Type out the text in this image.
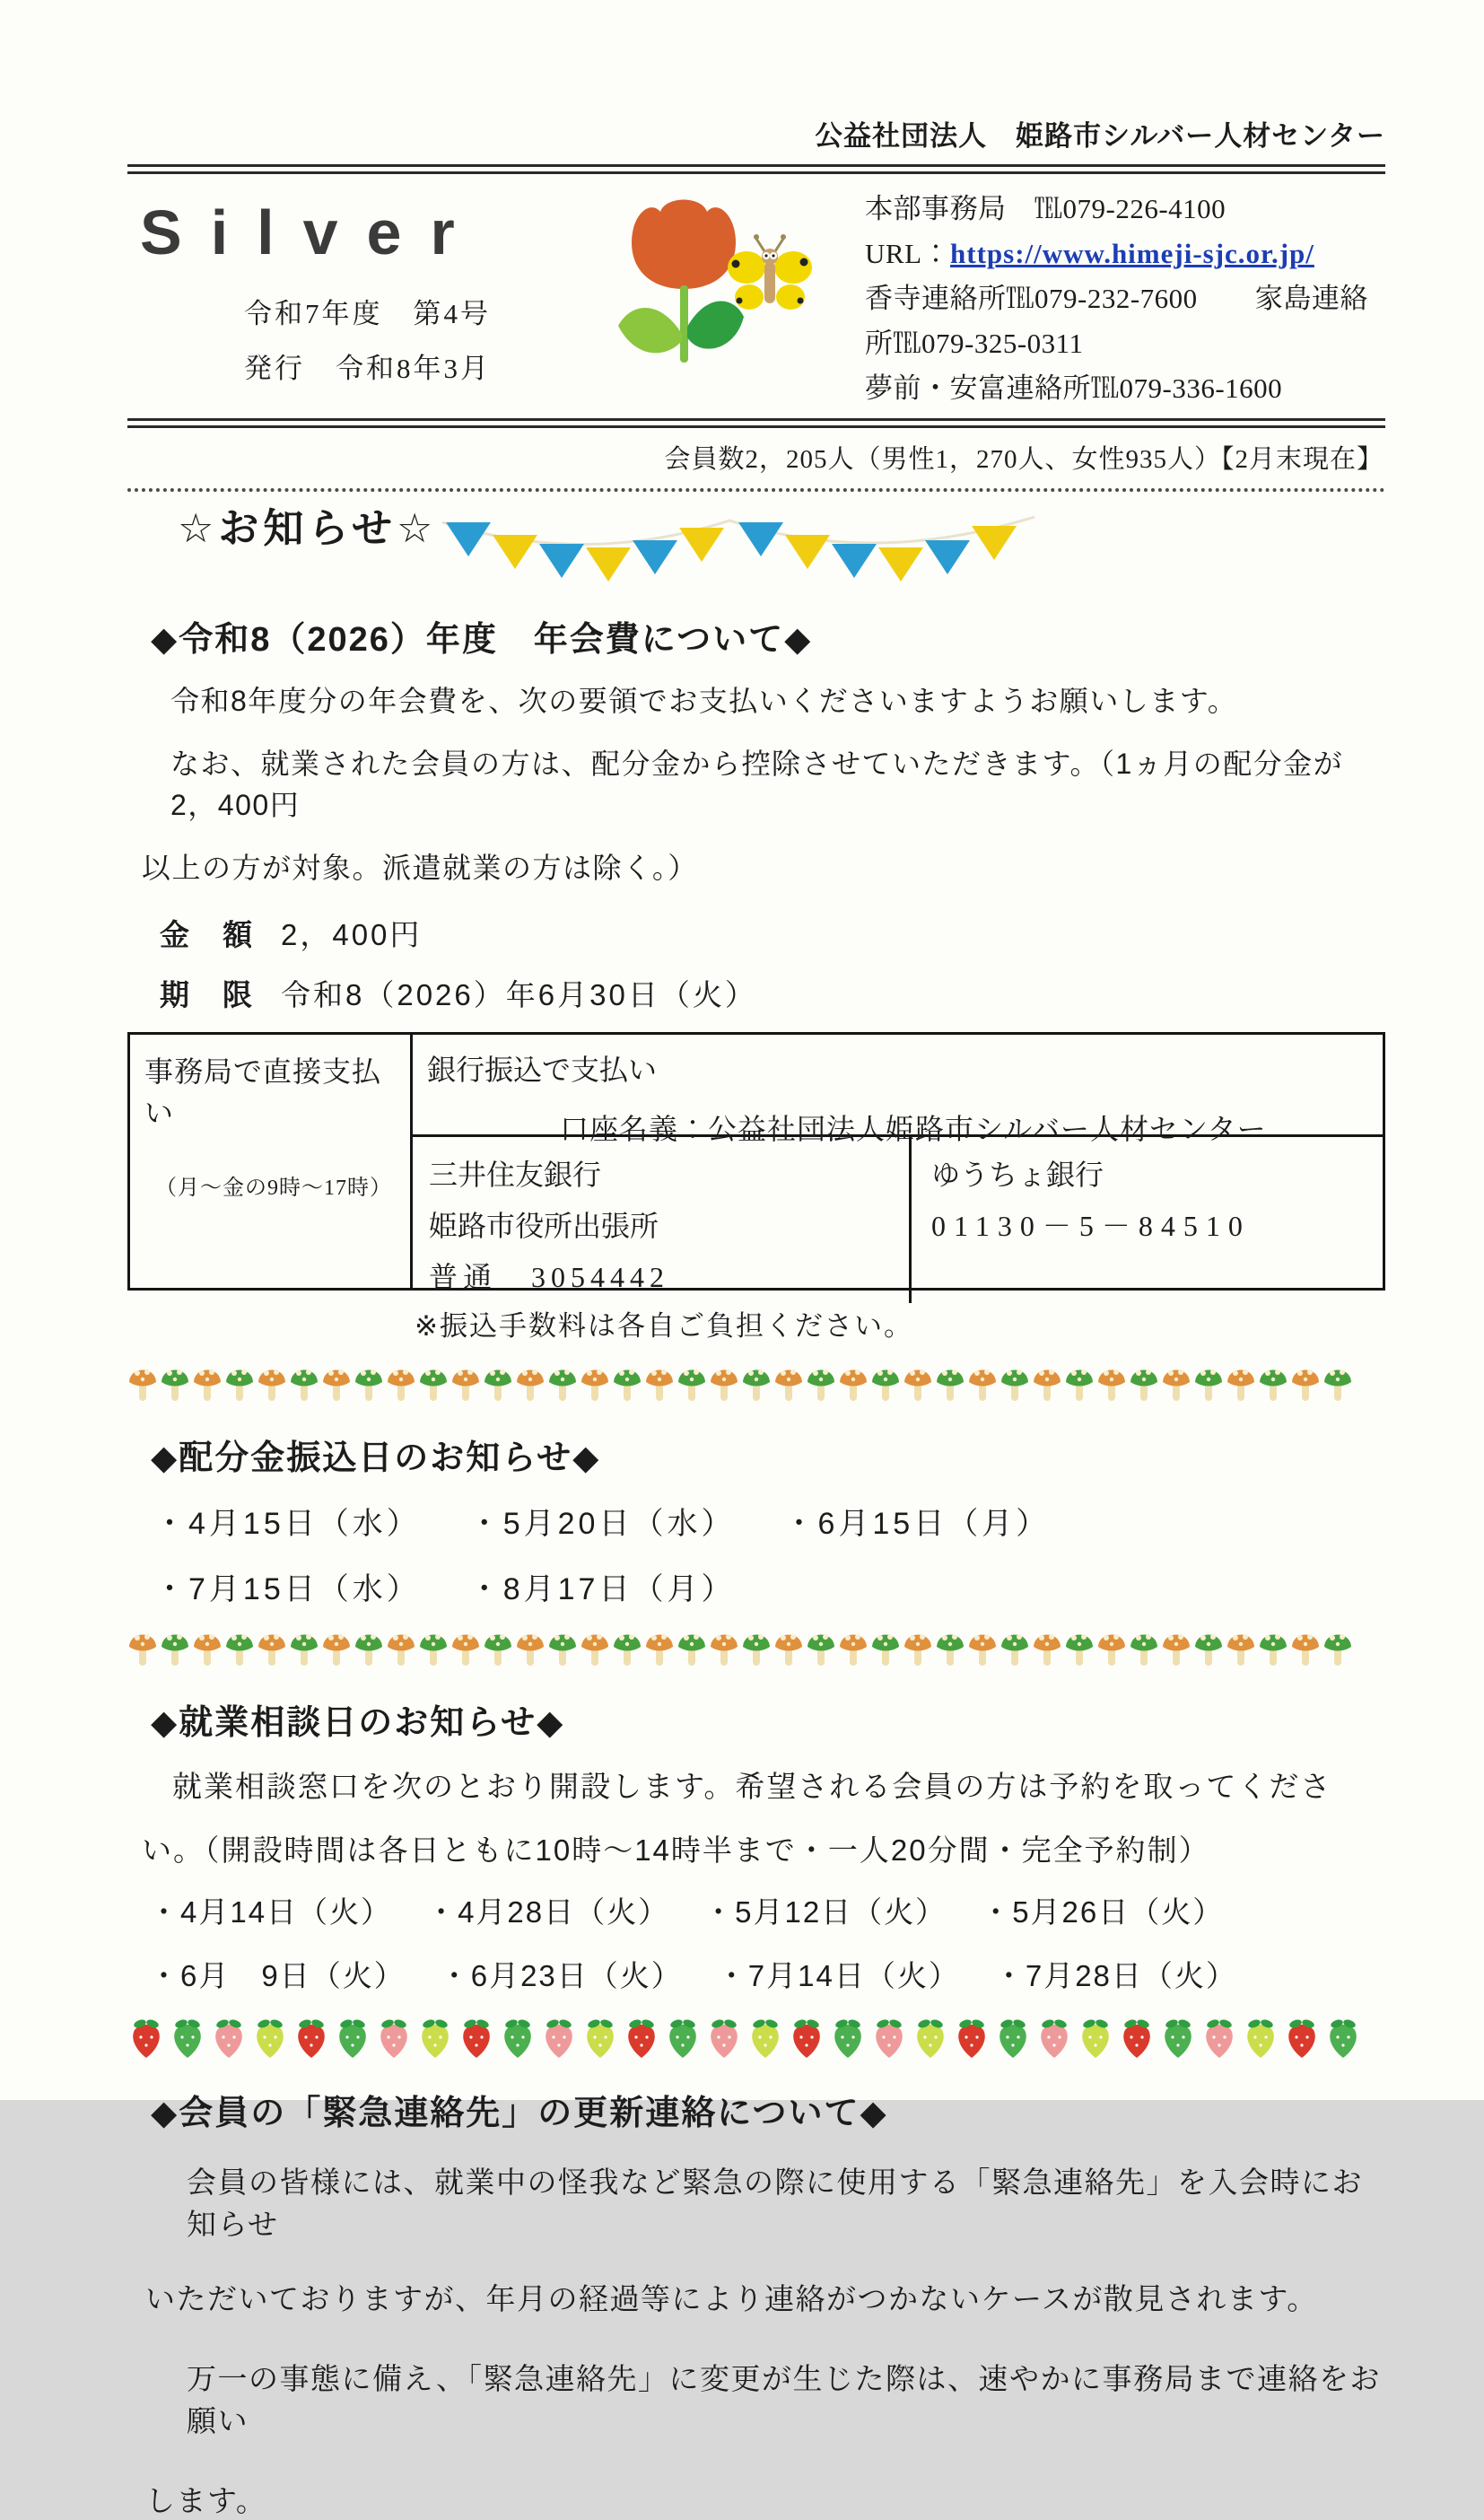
公益社団法人　姫路市シルバー人材センター
Silver
令和7年度　第4号
発行　令和8年3月
本部事務局　℡079-226-4100
URL：https://www.himeji-sjc.or.jp/
香寺連絡所℡079-232-7600 家島連絡所℡079-325-0311
夢前・安富連絡所℡079-336-1600
会員数2，205人（男性1，270人、女性935人）【2月末現在】
☆お知らせ☆
◆令和8（2026）年度　年会費について◆
令和8年度分の年会費を、次の要領でお支払いくださいますようお願いします。
なお、就業された会員の方は、配分金から控除させていただきます。（1ヵ月の配分金が2，400円
以上の方が対象。派遣就業の方は除く。）
金　額 2，400円
期　限 令和8（2026）年6月30日（火）
事務局で直接支払い
（月～金の9時～17時）
銀行振込で支払い
口座名義：公益社団法人姫路市シルバー人材センター
三井住友銀行
姫路市役所出張所
普通　3054442
ゆうちょ銀行
01130－5－84510
※振込手数料は各自ご負担ください。
◆配分金振込日のお知らせ◆
・4月15日（水） ・5月20日（水） ・6月15日（月）
・7月15日（水） ・8月17日（月）
◆就業相談日のお知らせ◆
就業相談窓口を次のとおり開設します。希望される会員の方は予約を取ってくださ
い。（開設時間は各日ともに10時～14時半まで・一人20分間・完全予約制）
・4月14日（火） ・4月28日（火） ・5月12日（火） ・5月26日（火）
・6月　9日（火） ・6月23日（火） ・7月14日（火） ・7月28日（火）
◆会員の「緊急連絡先」の更新連絡について◆
会員の皆様には、就業中の怪我など緊急の際に使用する「緊急連絡先」を入会時にお知らせ
いただいておりますが、年月の経過等により連絡がつかないケースが散見されます。
万一の事態に備え、「緊急連絡先」に変更が生じた際は、速やかに事務局まで連絡をお願い
します。
